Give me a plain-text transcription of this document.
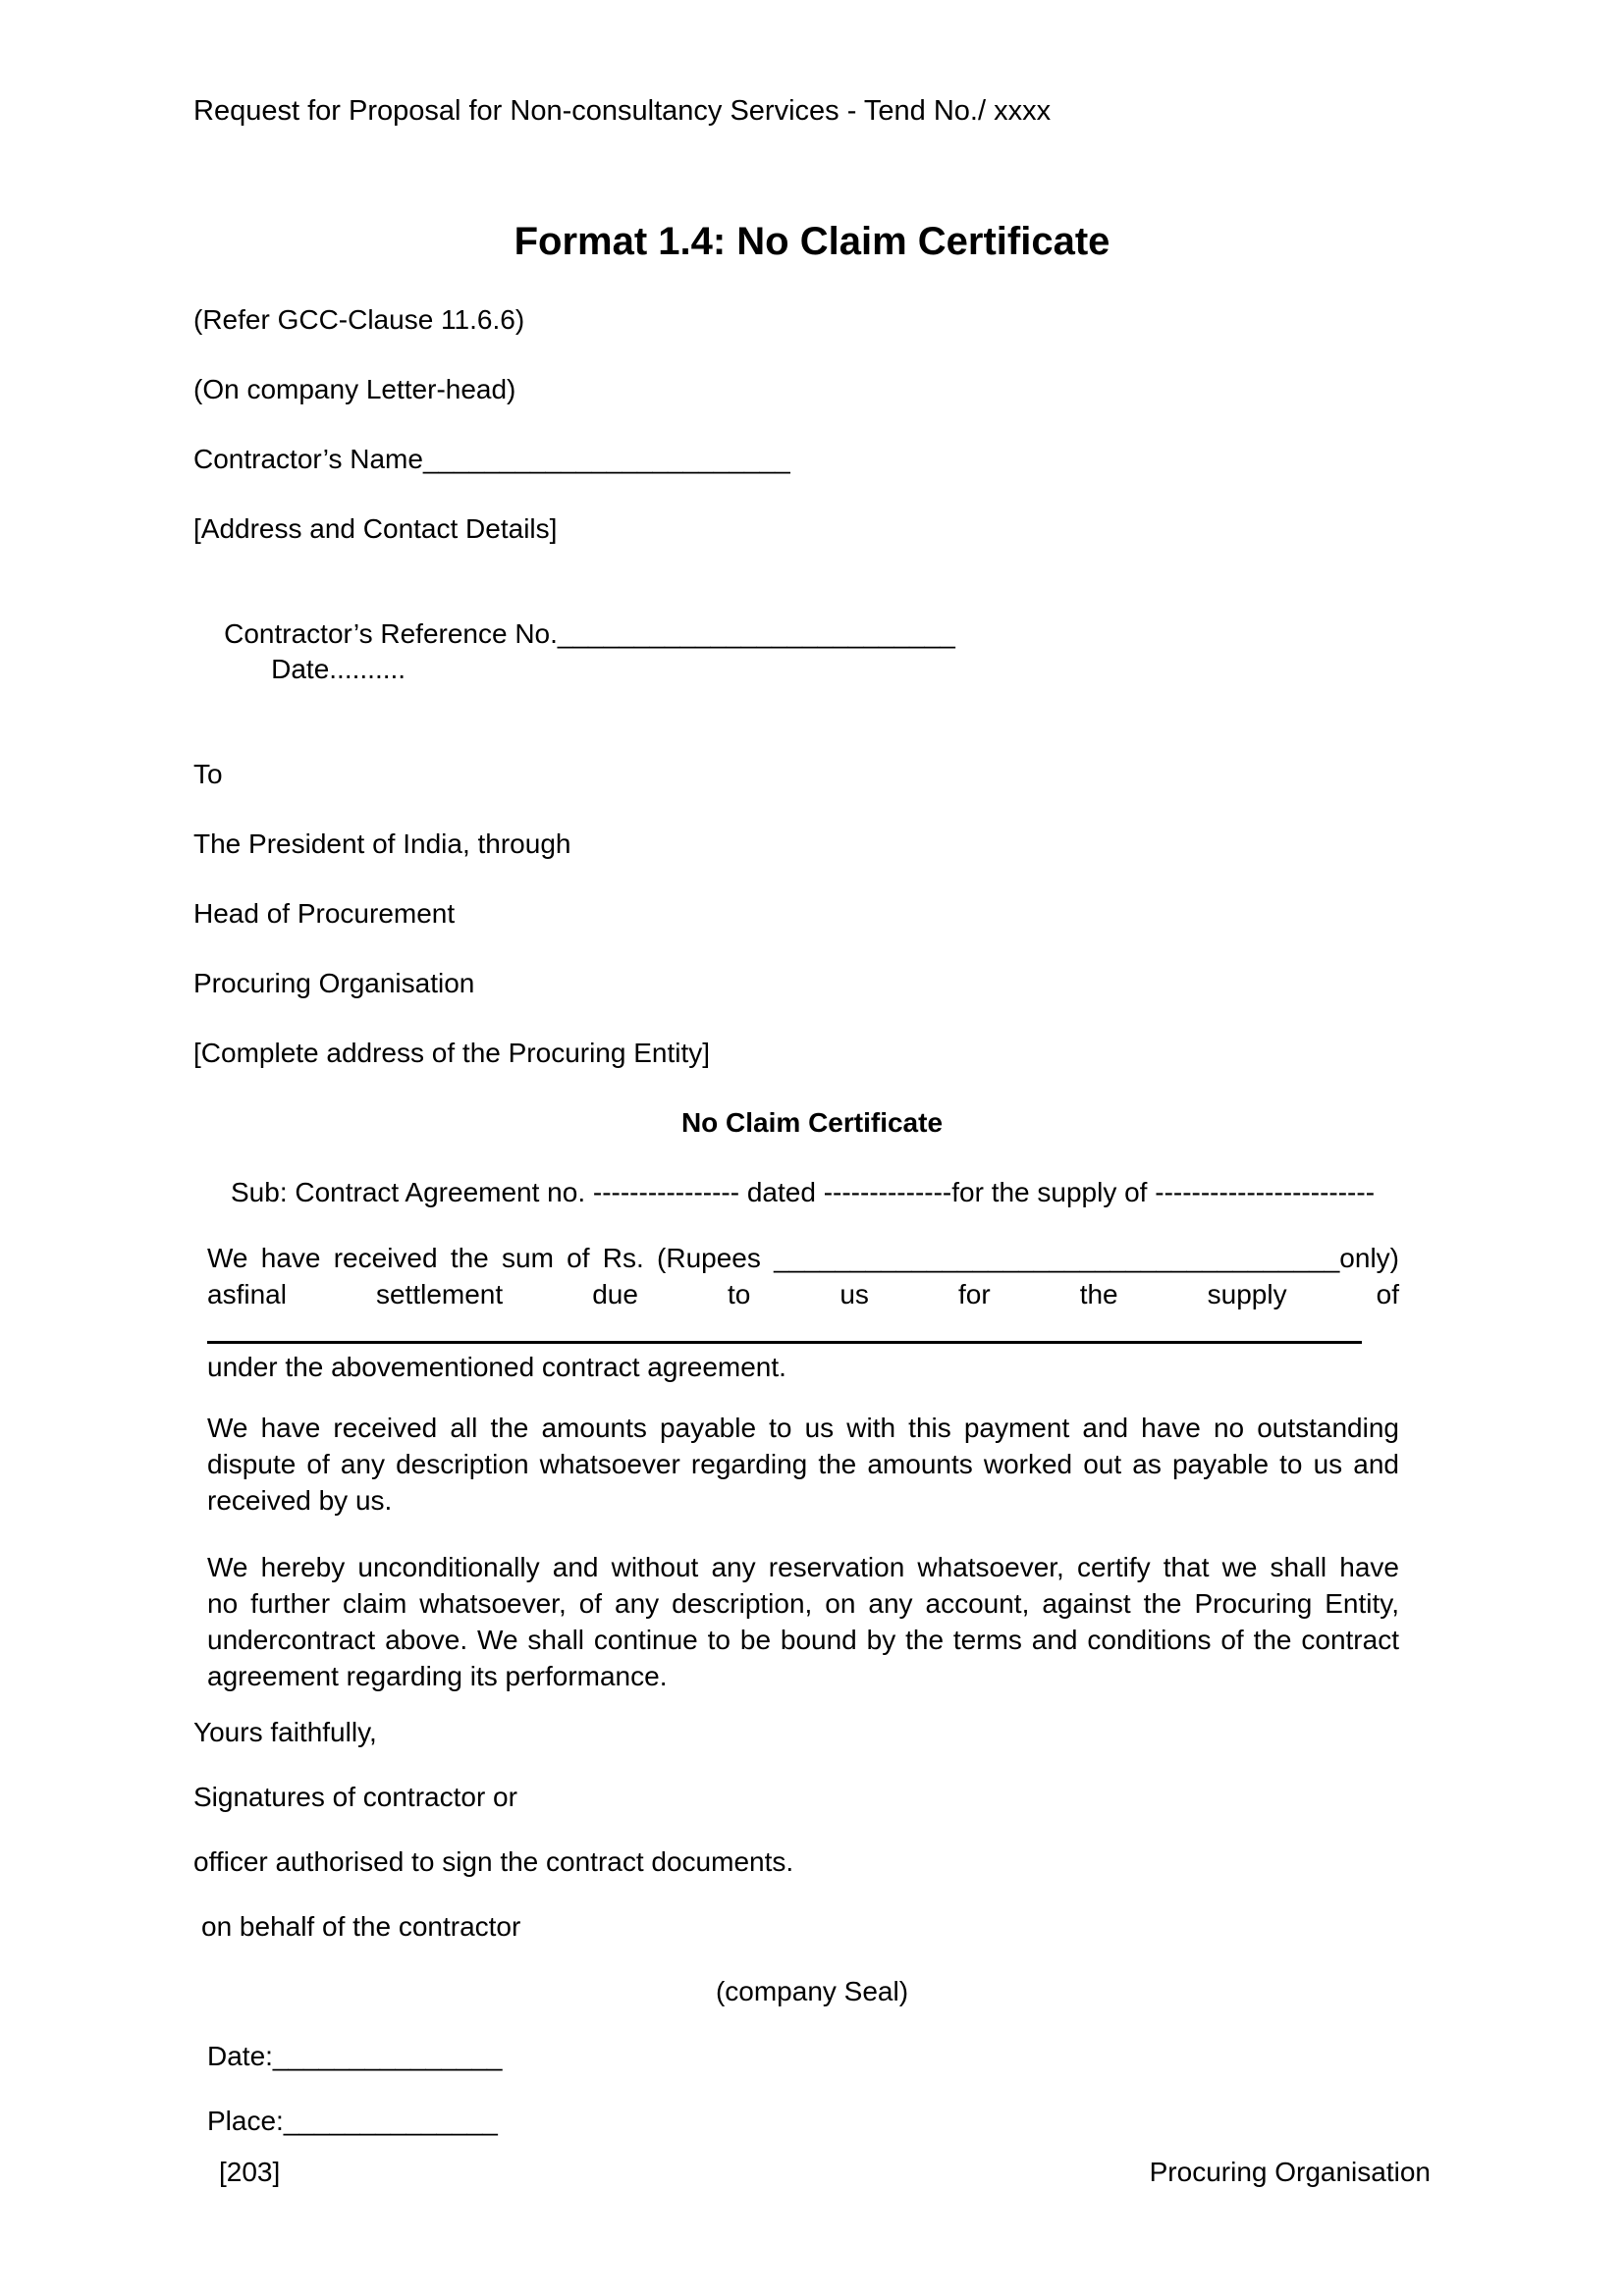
Request for Proposal for Non-consultancy Services - Tend No./ xxxx
Format 1.4: No Claim Certificate
(Refer GCC-Clause 11.6.6)
(On company Letter-head)
Contractor’s Name________________________
[Address and Contact Details]

Contractor’s Reference No.__________________________
Date..........

To
The President of India, through
Head of Procurement
Procuring Organisation
[Complete address of the Procuring Entity]
No Claim Certificate
Sub: Contract Agreement no. ---------------- dated --------------for the supply of ------------------------
We have received the sum of Rs. (Rupees _____________________________________only)
asfinal settlement due to us for the supply of
under the abovementioned contract agreement.
We have received all the amounts payable to us with this payment and have no outstanding
dispute of any description whatsoever regarding the amounts worked out as payable to us and
received by us.
We hereby unconditionally and without any reservation whatsoever, certify that we shall have
no further claim whatsoever, of any description, on any account, against the Procuring Entity,
undercontract above. We shall continue to be bound by the terms and conditions of the contract
agreement regarding its performance.
Yours faithfully,
Signatures of contractor or
officer authorised to sign the contract documents.
on behalf of the contractor
(company Seal)
Date:_______________
Place:______________
[203]	Procuring Organisation
